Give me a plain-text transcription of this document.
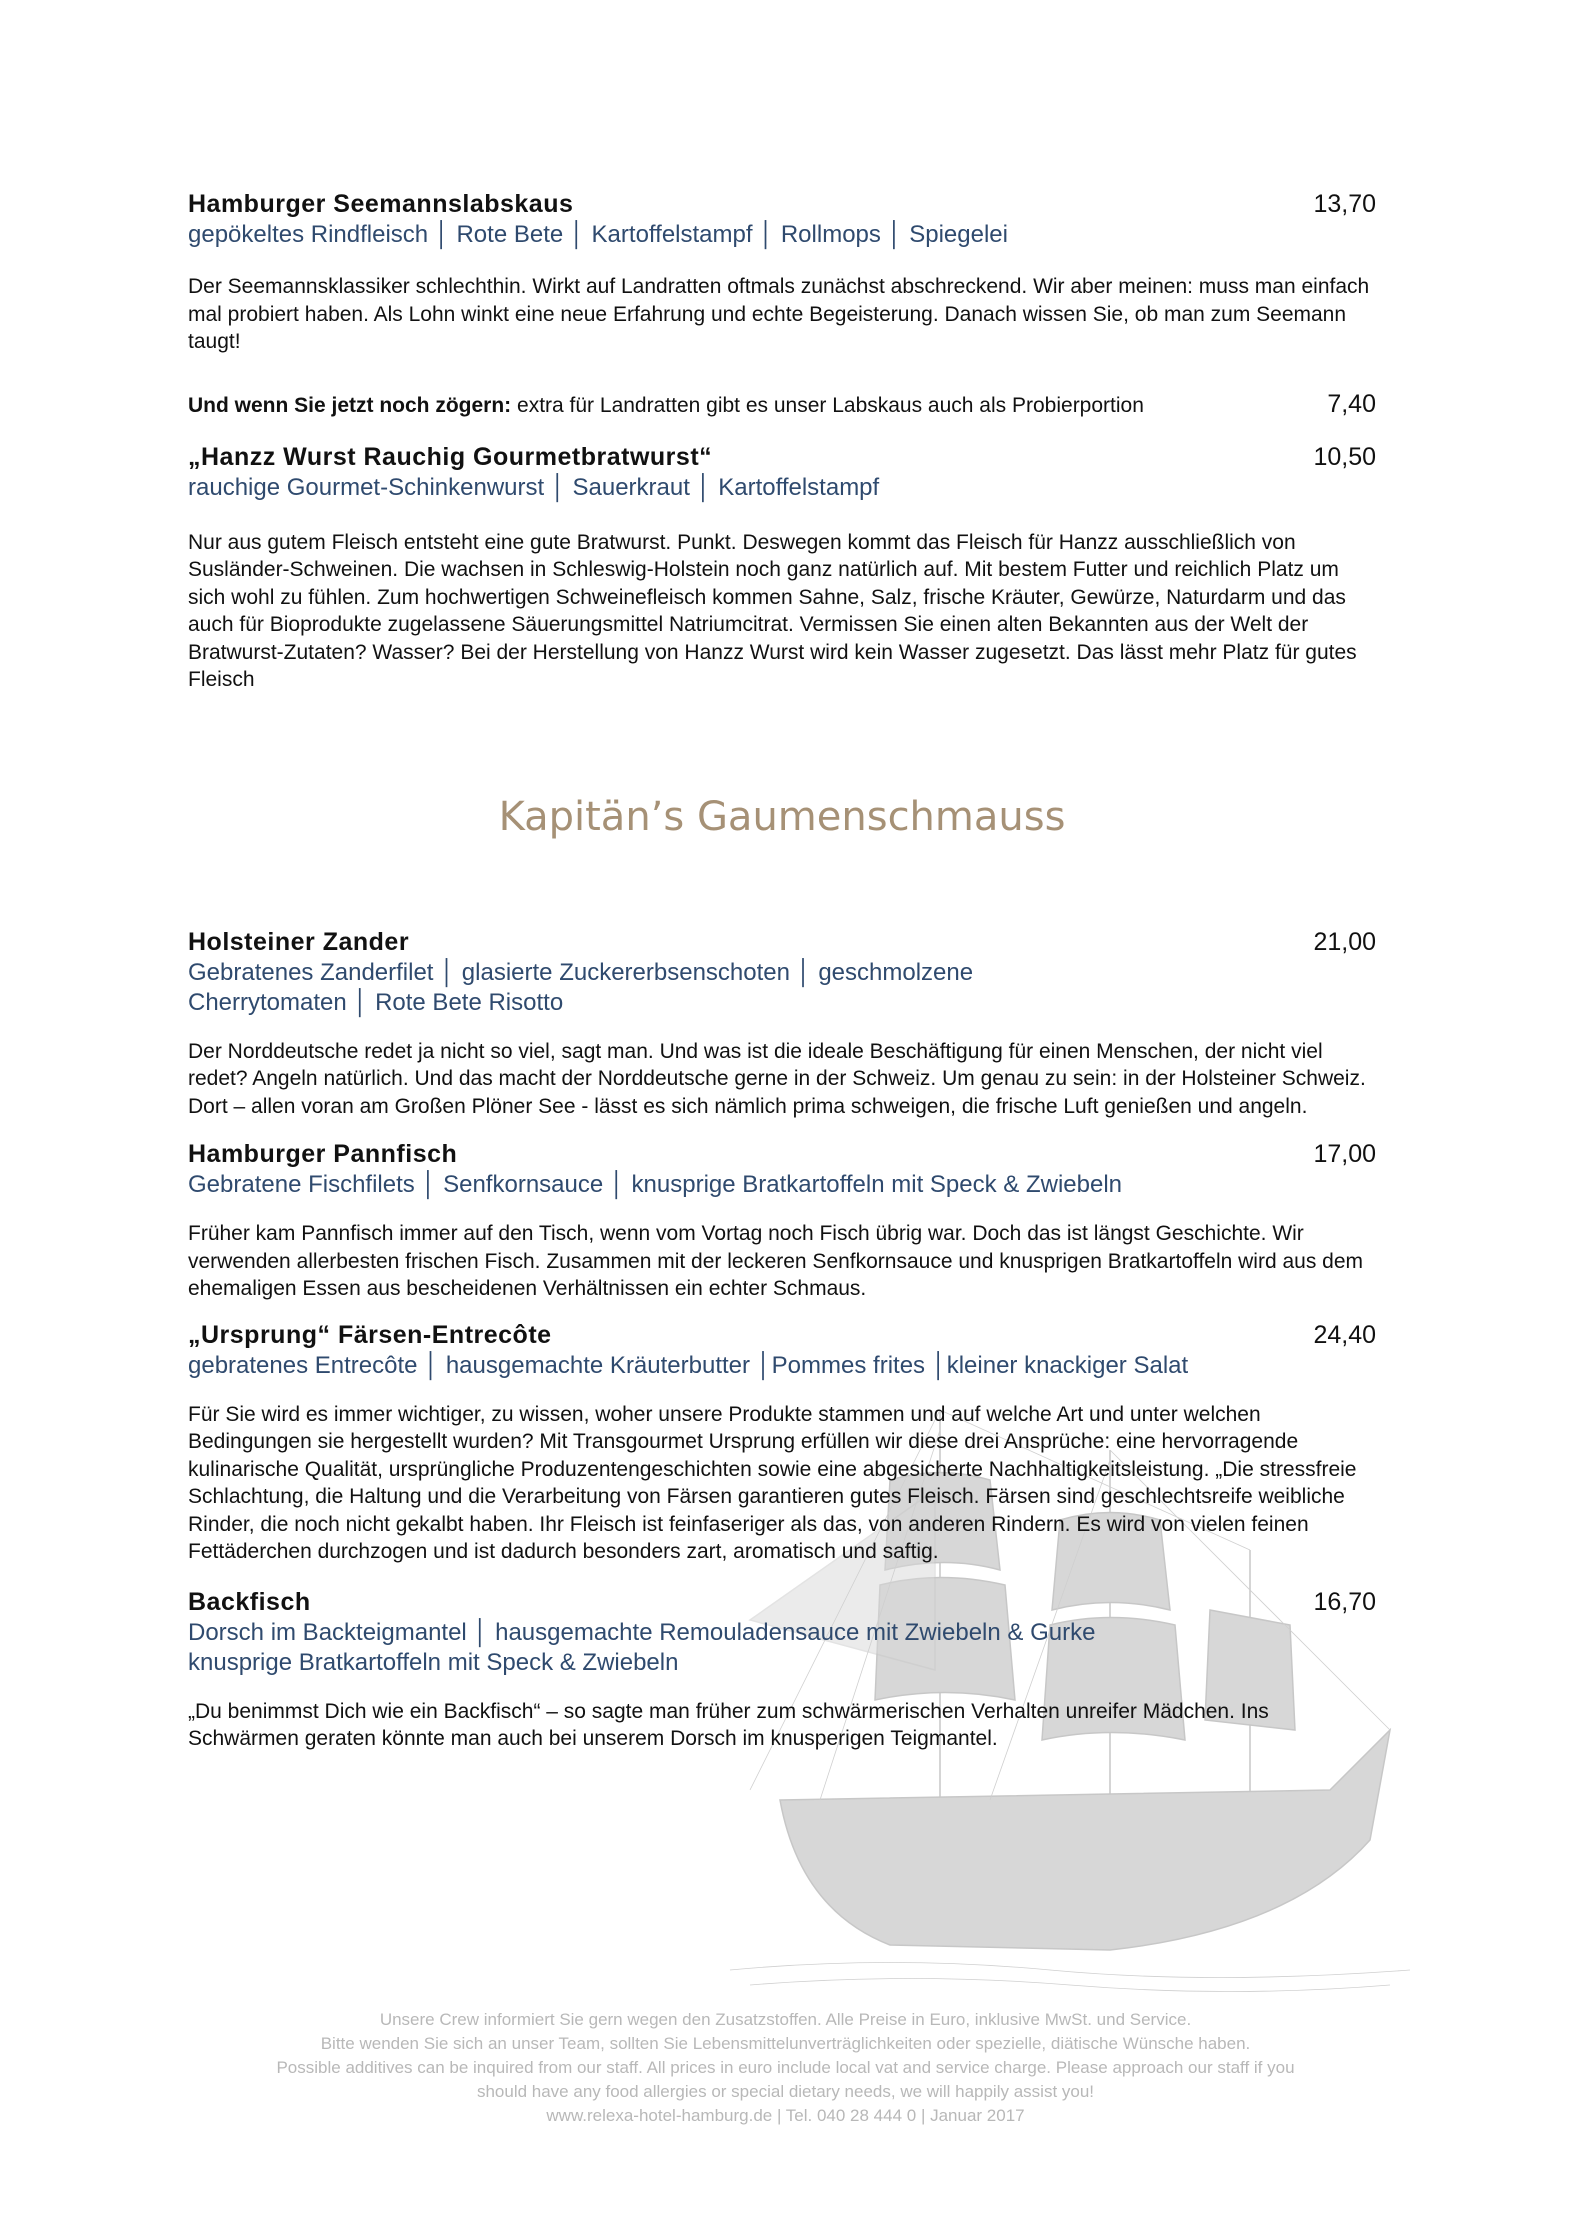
Hamburger Seemannslabskaus	13,70
gepökeltes Rindfleisch │ Rote Bete │ Kartoffelstampf │ Rollmops │ Spiegelei
Der Seemannsklassiker schlechthin. Wirkt auf Landratten oftmals zunächst abschreckend. Wir aber meinen: muss man einfach mal probiert haben. Als Lohn winkt eine neue Erfahrung und echte Begeisterung. Danach wissen Sie, ob man zum Seemann taugt!
Und wenn Sie jetzt noch zögern: extra für Landratten gibt es unser Labskaus auch als Probierportion	7,40
„Hanzz Wurst Rauchig Gourmetbratwurst“	10,50
rauchige Gourmet-Schinkenwurst │ Sauerkraut │ Kartoffelstampf
Nur aus gutem Fleisch entsteht eine gute Bratwurst. Punkt. Deswegen kommt das Fleisch für Hanzz ausschließlich von Susländer-Schweinen. Die wachsen in Schleswig-Holstein noch ganz natürlich auf. Mit bestem Futter und reichlich Platz um sich wohl zu fühlen. Zum hochwertigen Schweinefleisch kommen Sahne, Salz, frische Kräuter, Gewürze, Naturdarm und das auch für Bioprodukte zugelassene Säuerungsmittel Natriumcitrat. Vermissen Sie einen alten Bekannten aus der Welt der Bratwurst-Zutaten? Wasser? Bei der Herstellung von Hanzz Wurst wird kein Wasser zugesetzt. Das lässt mehr Platz für gutes Fleisch
Kapitän’s Gaumenschmauss
Holsteiner Zander	21,00
Gebratenes Zanderfilet │ glasierte Zuckererbsenschoten │ geschmolzene
Cherrytomaten │ Rote Bete Risotto
Der Norddeutsche redet ja nicht so viel, sagt man. Und was ist die ideale Beschäftigung für einen Menschen, der nicht viel redet? Angeln natürlich. Und das macht der Norddeutsche gerne in der Schweiz. Um genau zu sein: in der Holsteiner Schweiz. Dort – allen voran am Großen Plöner See - lässt es sich nämlich prima schweigen, die frische Luft genießen und angeln.
Hamburger Pannfisch	17,00
Gebratene Fischfilets │ Senfkornsauce │ knusprige Bratkartoffeln mit Speck & Zwiebeln
Früher kam Pannfisch immer auf den Tisch, wenn vom Vortag noch Fisch übrig war. Doch das ist längst Geschichte. Wir verwenden allerbesten frischen Fisch. Zusammen mit der leckeren Senfkornsauce und knusprigen Bratkartoffeln wird aus dem ehemaligen Essen aus bescheidenen Verhältnissen ein echter Schmaus.
„Ursprung“ Färsen-Entrecôte	24,40
gebratenes Entrecôte │ hausgemachte Kräuterbutter │Pommes frites │kleiner knackiger Salat
Für Sie wird es immer wichtiger, zu wissen, woher unsere Produkte stammen und auf welche Art und unter welchen Bedingungen sie hergestellt wurden? Mit Transgourmet Ursprung erfüllen wir diese drei Ansprüche: eine hervorragende kulinarische Qualität, ursprüngliche Produzentengeschichten sowie eine abgesicherte Nachhaltigkeitsleistung. „Die stressfreie Schlachtung, die Haltung und die Verarbeitung von Färsen garantieren gutes Fleisch. Färsen sind geschlechtsreife weibliche Rinder, die noch nicht gekalbt haben. Ihr Fleisch ist feinfaseriger als das, von anderen Rindern. Es wird von vielen feinen Fettäderchen durchzogen und ist dadurch besonders zart, aromatisch und saftig.
Backfisch	16,70
Dorsch im Backteigmantel │ hausgemachte Remouladensauce mit Zwiebeln & Gurke
knusprige Bratkartoffeln mit Speck & Zwiebeln
„Du benimmst Dich wie ein Backfisch“ – so sagte man früher zum schwärmerischen Verhalten unreifer Mädchen. Ins Schwärmen geraten könnte man auch bei unserem Dorsch im knusperigen Teigmantel.
Unsere Crew informiert Sie gern wegen den Zusatzstoffen. Alle Preise in Euro, inklusive MwSt. und Service.
Bitte wenden Sie sich an unser Team, sollten Sie Lebensmittelunverträglichkeiten oder spezielle, diätische Wünsche haben.
Possible additives can be inquired from our staff. All prices in euro include local vat and service charge. Please approach our staff if you
should have any food allergies or special dietary needs, we will happily assist you!
www.relexa-hotel-hamburg.de | Tel. 040 28 444 0 | Januar 2017
